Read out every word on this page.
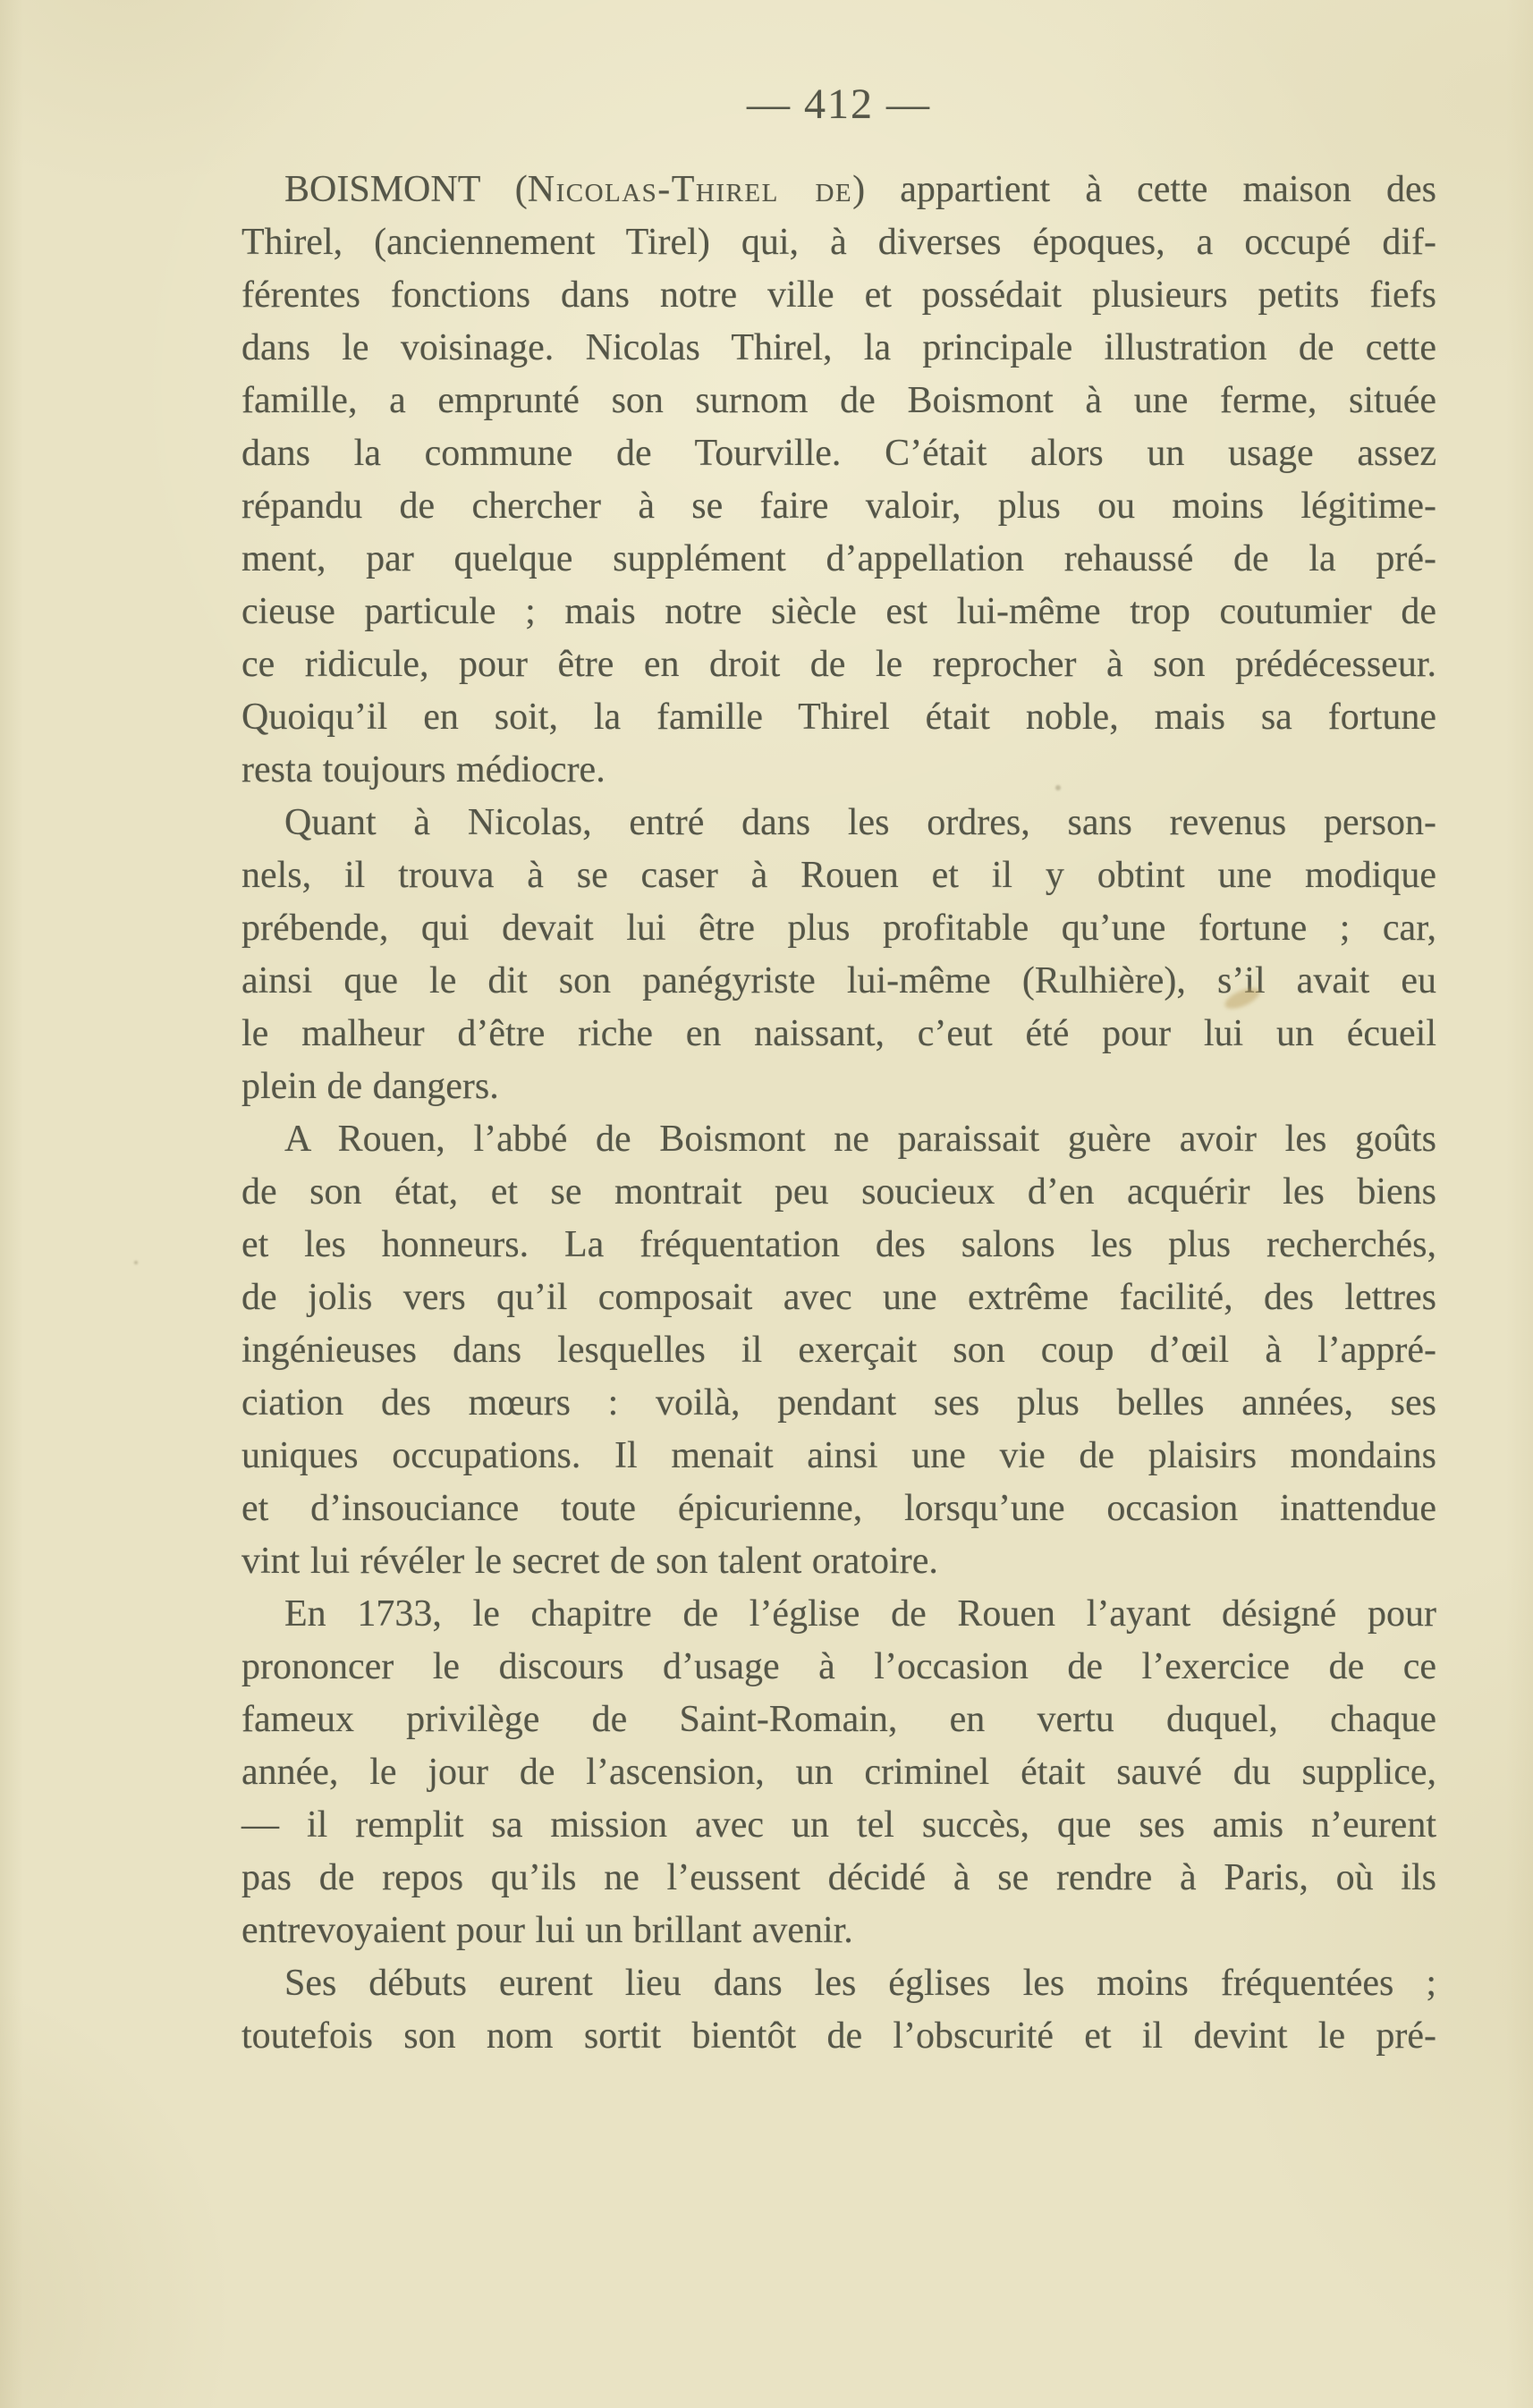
— 412 —
BOISMONT (Nicolas-Thirel de) appartient à cette maison des
Thirel, (anciennement Tirel) qui, à diverses époques, a occupé dif-
férentes fonctions dans notre ville et possédait plusieurs petits fiefs
dans le voisinage. Nicolas Thirel, la principale illustration de cette
famille, a emprunté son surnom de Boismont à une ferme, située
dans la commune de Tourville. C’était alors un usage assez
répandu de chercher à se faire valoir, plus ou moins légitime-
ment, par quelque supplément d’appellation rehaussé de la pré-
cieuse particule ; mais notre siècle est lui-même trop coutumier de
ce ridicule, pour être en droit de le reprocher à son prédécesseur.
Quoiqu’il en soit, la famille Thirel était noble, mais sa fortune
resta toujours médiocre.
Quant à Nicolas, entré dans les ordres, sans revenus person-
nels, il trouva à se caser à Rouen et il y obtint une modique
prébende, qui devait lui être plus profitable qu’une fortune ; car,
ainsi que le dit son panégyriste lui-même (Rulhière), s’il avait eu
le malheur d’être riche en naissant, c’eut été pour lui un écueil
plein de dangers.
A Rouen, l’abbé de Boismont ne paraissait guère avoir les goûts
de son état, et se montrait peu soucieux d’en acquérir les biens
et les honneurs. La fréquentation des salons les plus recherchés,
de jolis vers qu’il composait avec une extrême facilité, des lettres
ingénieuses dans lesquelles il exerçait son coup d’œil à l’appré-
ciation des mœurs : voilà, pendant ses plus belles années, ses
uniques occupations. Il menait ainsi une vie de plaisirs mondains
et d’insouciance toute épicurienne, lorsqu’une occasion inattendue
vint lui révéler le secret de son talent oratoire.
En 1733, le chapitre de l’église de Rouen l’ayant désigné pour
prononcer le discours d’usage à l’occasion de l’exercice de ce
fameux privilège de Saint-Romain, en vertu duquel, chaque
année, le jour de l’ascension, un criminel était sauvé du supplice,
— il remplit sa mission avec un tel succès, que ses amis n’eurent
pas de repos qu’ils ne l’eussent décidé à se rendre à Paris, où ils
entrevoyaient pour lui un brillant avenir.
Ses débuts eurent lieu dans les églises les moins fréquentées ;
toutefois son nom sortit bientôt de l’obscurité et il devint le pré-
